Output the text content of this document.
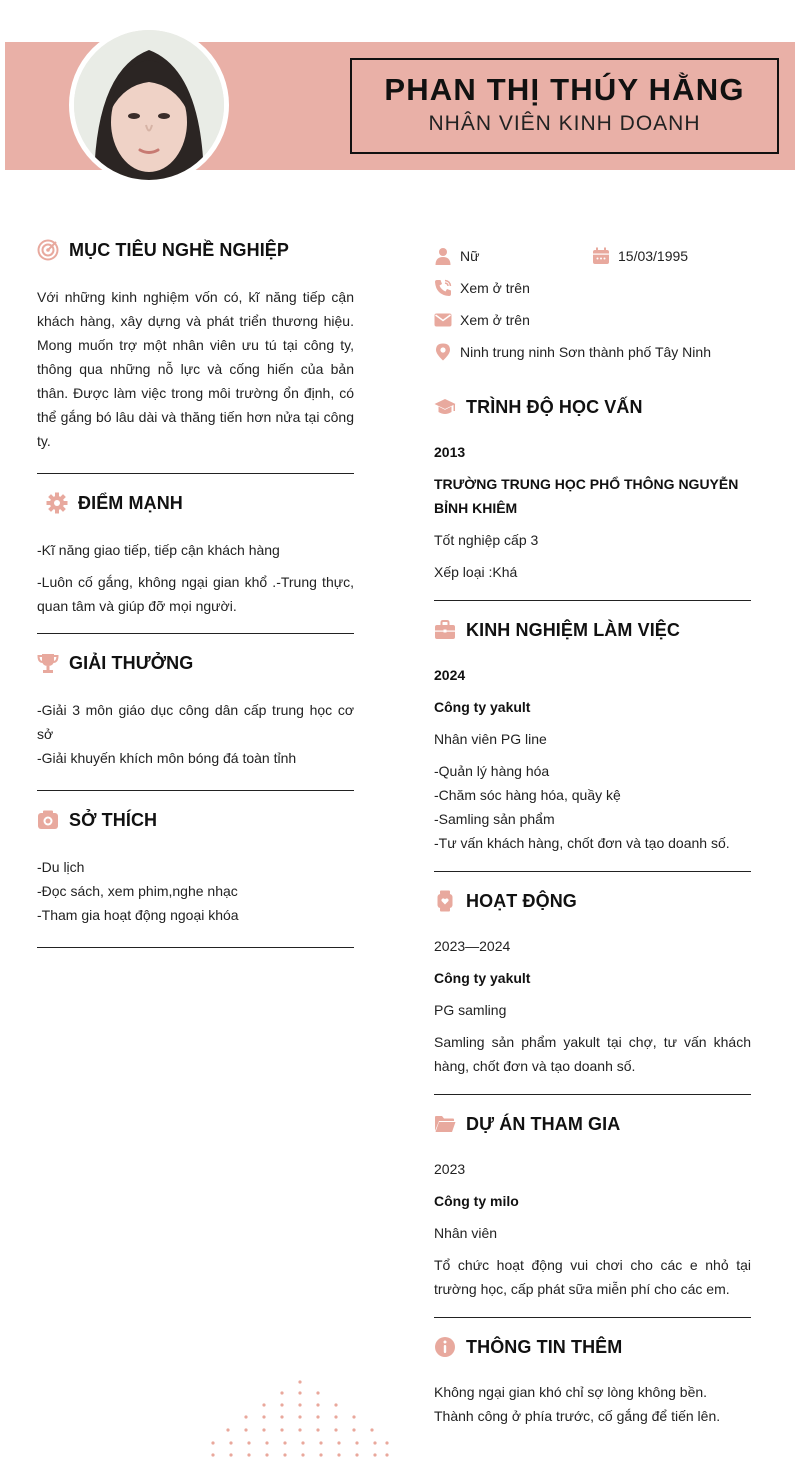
PHAN THỊ THÚY HẰNG
NHÂN VIÊN KINH DOANH
MỤC TIÊU NGHỀ NGHIỆP

Với những kinh nghiệm vốn có, kĩ năng tiếp cận khách hàng, xây dựng và phát triển thương hiệu. Mong muốn trợ một nhân viên ưu tú tại công ty, thông qua những nỗ lực và cống hiến của bản thân. Được làm việc trong môi trường ổn định, có thể gắng bó lâu dài và thăng tiến hơn nửa tại công ty.

ĐIỂM MẠNH

-Kĩ năng giao tiếp, tiếp cận khách hàng

-Luôn cố gắng, không ngại gian khổ .-Trung thực, quan tâm và giúp đỡ mọi người.

GIẢI THƯỞNG

-Giải 3 môn giáo dục công dân cấp trung học cơ sở
-Giải khuyến khích môn bóng đá toàn tỉnh

SỞ THÍCH
-Du lịch
-Đọc sách, xem phim,nghe nhạc
-Tham gia hoạt động ngoại khóa
Nữ	15/03/1995
Xem ở trên
Xem ở trên
Ninh trung ninh Sơn thành phố Tây Ninh
TRÌNH ĐỘ HỌC VẤN
2013
TRƯỜNG TRUNG HỌC PHỔ THÔNG NGUYỄN BỈNH KHIÊM
Tốt nghiệp cấp 3
Xếp loại :Khá
KINH NGHIỆM LÀM VIỆC
2024
Công ty yakult
Nhân viên PG line
-Quản lý hàng hóa
-Chăm sóc hàng hóa, quầy kệ
-Samling sản phẩm
-Tư vấn khách hàng, chốt đơn và tạo doanh số.
HOẠT ĐỘNG
2023—2024
Công ty yakult
PG samling

Samling sản phẩm yakult tại chợ, tư vấn khách hàng, chốt đơn và tạo doanh số.

DỰ ÁN THAM GIA
2023
Công ty milo
Nhân viên

Tổ chức hoạt động vui chơi cho các e nhỏ tại trường học, cấp phát sữa miễn phí cho các em.

THÔNG TIN THÊM
Không ngại gian khó chỉ sợ lòng không bền.
Thành công ở phía trước, cố gắng để tiến lên.
